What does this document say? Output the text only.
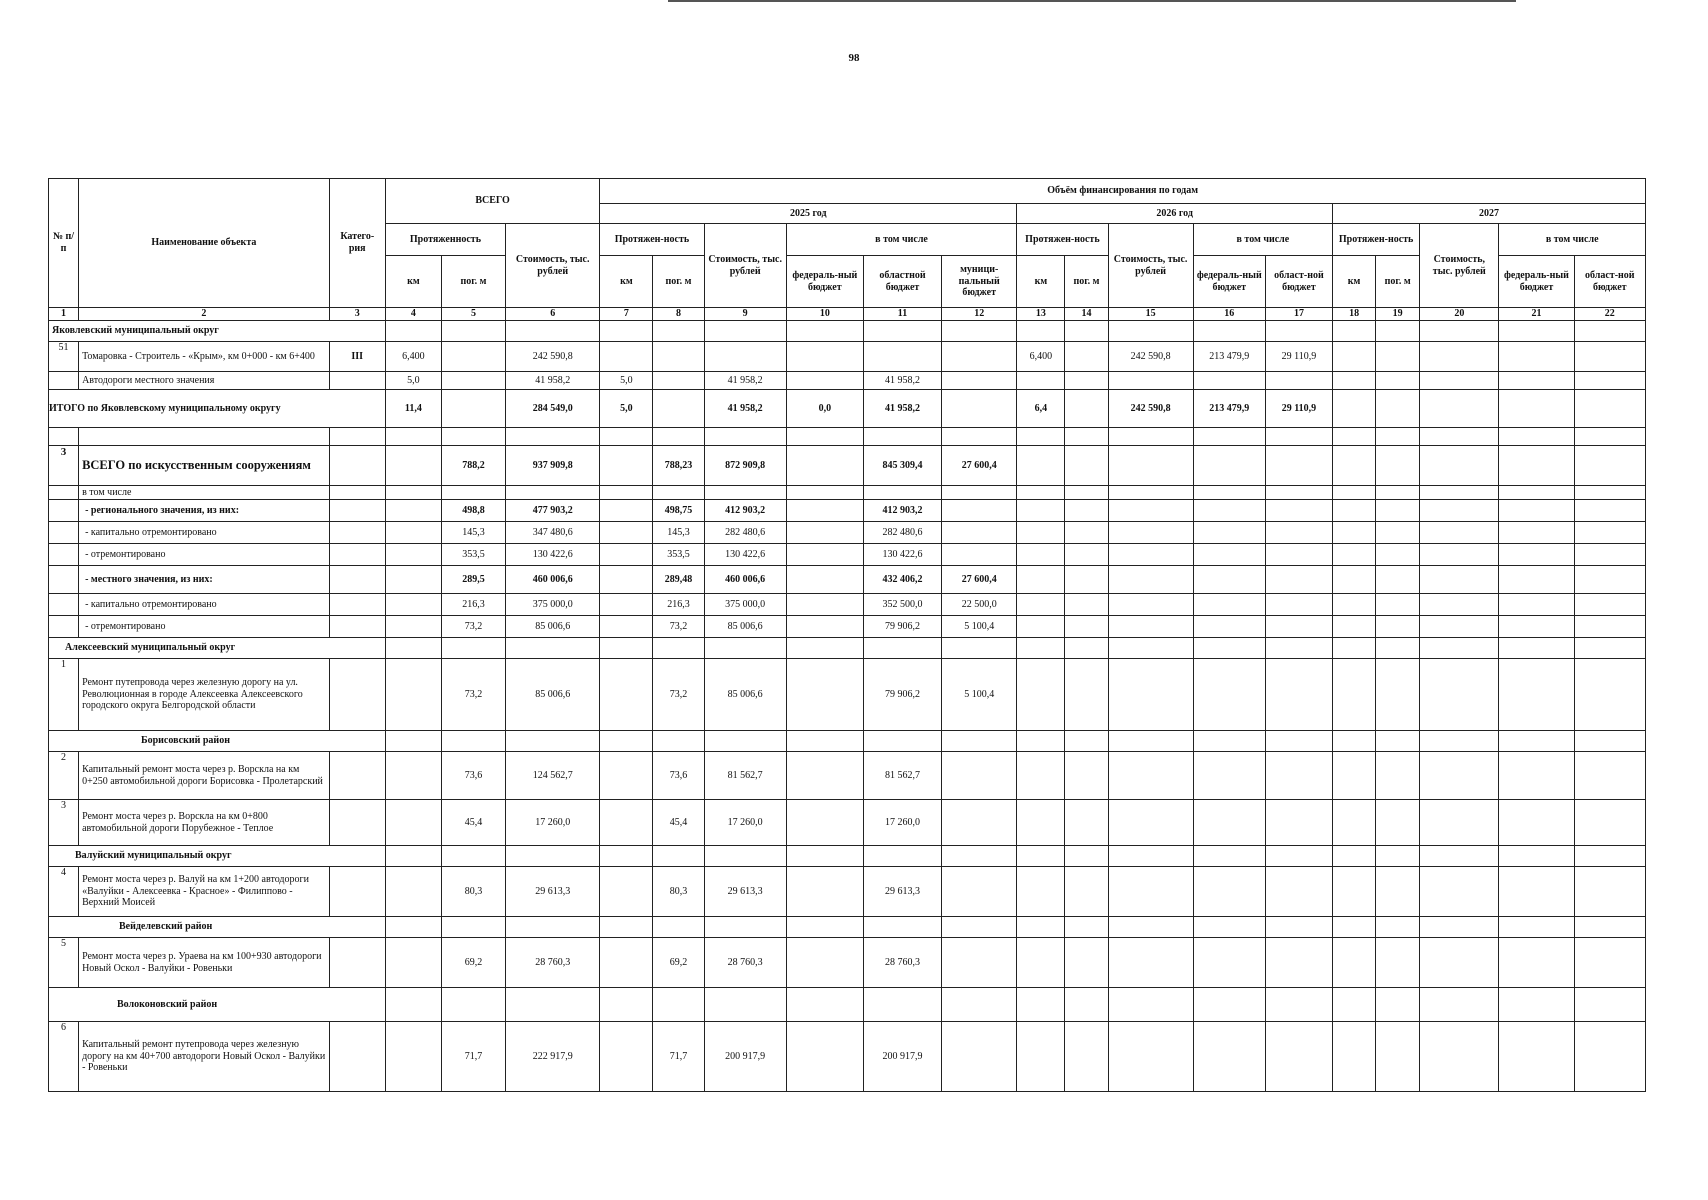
98
№ п/п	Наименование объекта	Катего-рия	ВСЕГО			Объём финансирования по годам															
						2025 год						2026 год					2027				
			Протяженность		Стоимость, тыс. рублей	Протяжен-ность		Стоимость, тыс. рублей	в том числе			Протяжен-ность		Стоимость, тыс. рублей	в том числе		Протяжен-ность		Стоимость, тыс. рублей	в том числе	
			км	пог. м		км	пог. м		федераль-ный бюджет	областной бюджет	муници-пальный бюджет	км	пог. м		федераль-ный бюджет	област-ной бюджет	км	пог. м		федераль-ный бюджет	област-ной бюджет
1	2	3	4	5	6	7	8	9	10	11	12	13	14	15	16	17	18	19	20	21	22
Яковлевский муниципальный округ																					
51	Томаровка - Строитель - «Крым», км 0+000 - км 6+400	III	6,400		242 590,8							6,400		242 590,8	213 479,9	29 110,9					
	Автодороги местного значения		5,0		41 958,2	5,0		41 958,2		41 958,2											
ИТОГО по Яковлевскому муниципальному округу			11,4		284 549,0	5,0		41 958,2	0,0	41 958,2		6,4		242 590,8	213 479,9	29 110,9					

3	ВСЕГО по искусственным сооружениям			788,2	937 909,8		788,23	872 909,8		845 309,4	27 600,4										
	в том числе																				
	- регионального значения, из них:			498,8	477 903,2		498,75	412 903,2		412 903,2											
	- капитально отремонтировано			145,3	347 480,6		145,3	282 480,6		282 480,6											
	- отремонтировано			353,5	130 422,6		353,5	130 422,6		130 422,6											
	- местного значения, из них:			289,5	460 006,6		289,48	460 006,6		432 406,2	27 600,4										
	- капитально отремонтировано			216,3	375 000,0		216,3	375 000,0		352 500,0	22 500,0										
	- отремонтировано			73,2	85 006,6		73,2	85 006,6		79 906,2	5 100,4										
Алексеевский муниципальный округ																					
1	Ремонт путепровода через железную дорогу на ул. Революционная в городе Алексеевка Алексеевского городского округа Белгородской области			73,2	85 006,6		73,2	85 006,6		79 906,2	5 100,4										
Борисовский район																					
2	Капитальный ремонт моста через р. Ворскла на км 0+250 автомобильной дороги Борисовка - Пролетарский			73,6	124 562,7		73,6	81 562,7		81 562,7											
3	Ремонт моста через р. Ворскла на км 0+800 автомобильной дороги Порубежное - Теплое			45,4	17 260,0		45,4	17 260,0		17 260,0											
Валуйский муниципальный округ																					
4	Ремонт моста через р. Валуй на км 1+200 автодороги «Валуйки - Алексеевка - Красное» - Филиппово - Верхний Моисей			80,3	29 613,3		80,3	29 613,3		29 613,3											
Вейделевский район																					
5	Ремонт моста через р. Ураева на км 100+930 автодороги Новый Оскол - Валуйки - Ровеньки			69,2	28 760,3		69,2	28 760,3		28 760,3											
Волоконовский район																					
6	Капитальный ремонт путепровода через железную дорогу на км 40+700 автодороги Новый Оскол - Валуйки - Ровеньки			71,7	222 917,9		71,7	200 917,9		200 917,9											
